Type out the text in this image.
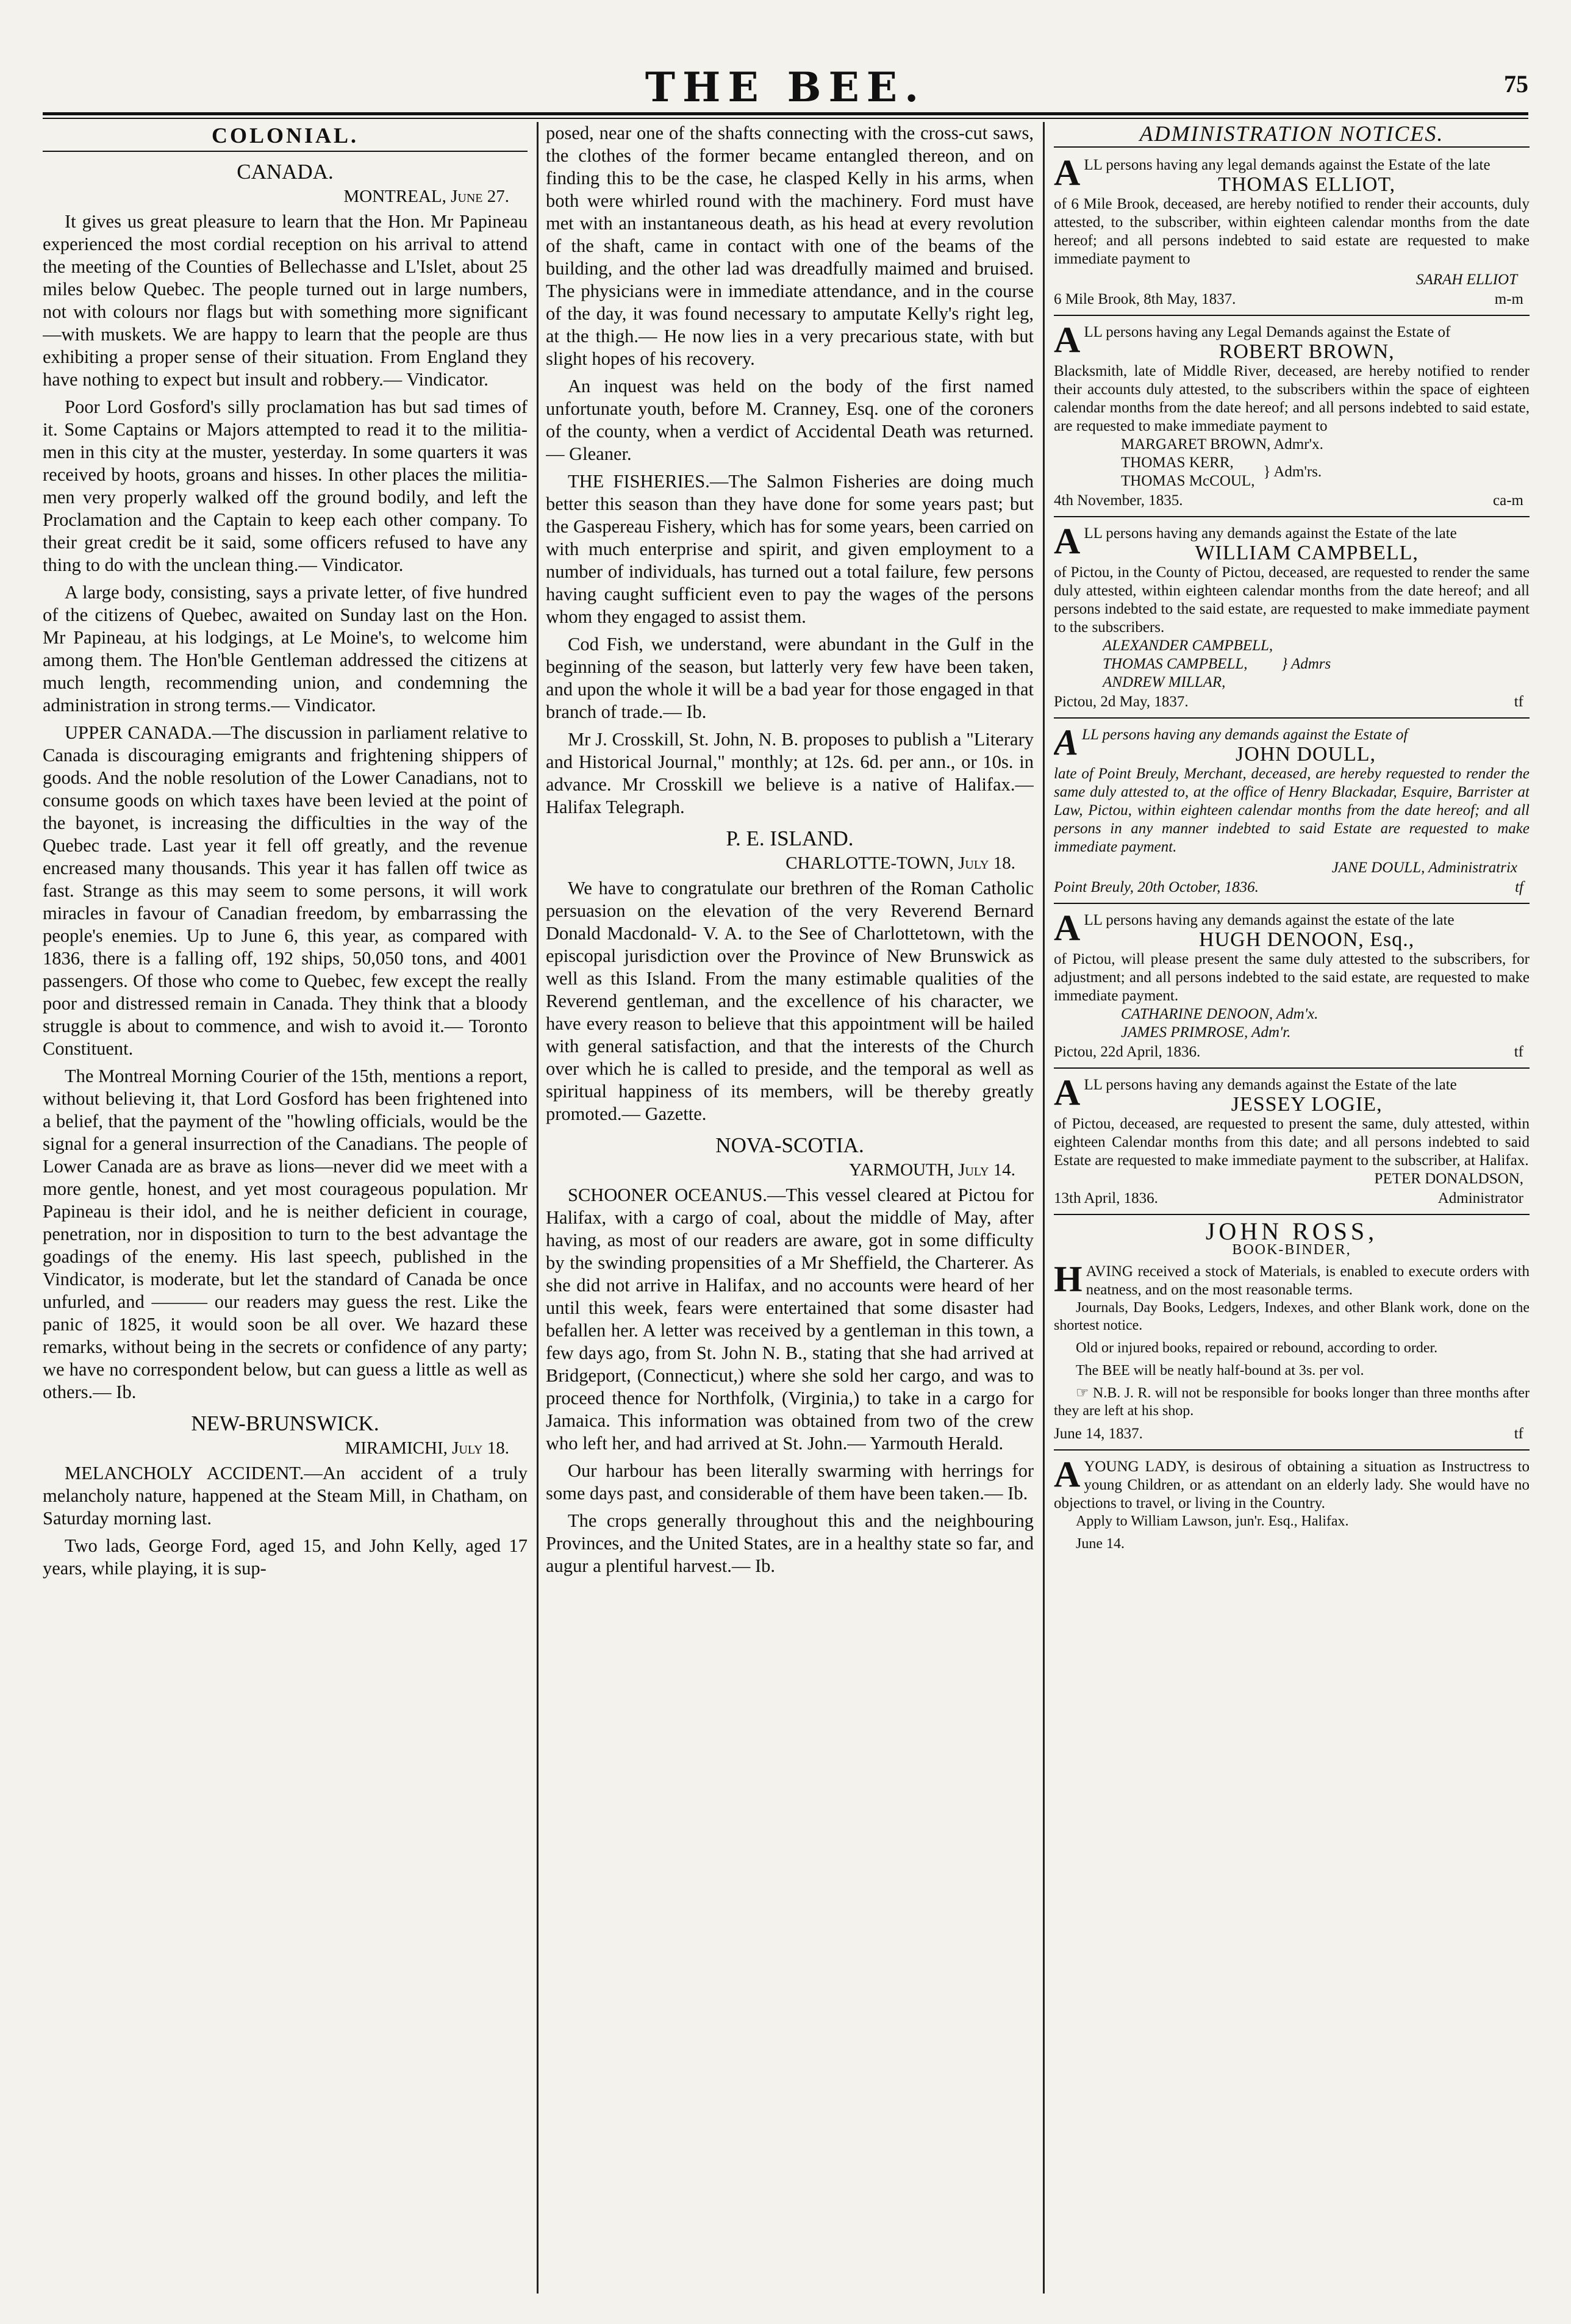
THE BEE.	75
COLONIAL.
CANADA.
MONTREAL, June 27.

It gives us great pleasure to learn that the Hon. Mr Papineau experienced the most cordial reception on his arrival to attend the meeting of the Counties of Bellechasse and L'Islet, about 25 miles below Quebec. The people turned out in large numbers, not with colours nor flags but with something more significant —with muskets. We are happy to learn that the people are thus exhibiting a proper sense of their situation. From England they have nothing to expect but insult and robbery.— Vindicator.

Poor Lord Gosford's silly proclamation has but sad times of it. Some Captains or Majors attempted to read it to the militia-men in this city at the muster, yesterday. In some quarters it was received by hoots, groans and hisses. In other places the militia-men very properly walked off the ground bodily, and left the Proclamation and the Captain to keep each other company. To their great credit be it said, some officers refused to have any thing to do with the unclean thing.— Vindicator.

A large body, consisting, says a private letter, of five hundred of the citizens of Quebec, awaited on Sunday last on the Hon. Mr Papineau, at his lodgings, at Le Moine's, to welcome him among them. The Hon'ble Gentleman addressed the citizens at much length, recommending union, and condemning the administration in strong terms.— Vindicator.

UPPER CANADA.—The discussion in parliament relative to Canada is discouraging emigrants and frightening shippers of goods. And the noble resolution of the Lower Canadians, not to consume goods on which taxes have been levied at the point of the bayonet, is increasing the difficulties in the way of the Quebec trade. Last year it fell off greatly, and the revenue encreased many thousands. This year it has fallen off twice as fast. Strange as this may seem to some persons, it will work miracles in favour of Canadian freedom, by embarrassing the people's enemies. Up to June 6, this year, as compared with 1836, there is a falling off, 192 ships, 50,050 tons, and 4001 passengers. Of those who come to Quebec, few except the really poor and distressed remain in Canada. They think that a bloody struggle is about to commence, and wish to avoid it.— Toronto Constituent.

The Montreal Morning Courier of the 15th, mentions a report, without believing it, that Lord Gosford has been frightened into a belief, that the payment of the "howling officials, would be the signal for a general insurrection of the Canadians. The people of Lower Canada are as brave as lions—never did we meet with a more gentle, honest, and yet most courageous population. Mr Papineau is their idol, and he is neither deficient in courage, penetration, nor in disposition to turn to the best advantage the goadings of the enemy. His last speech, published in the Vindicator, is moderate, but let the standard of Canada be once unfurled, and ——— our readers may guess the rest. Like the panic of 1825, it would soon be all over. We hazard these remarks, without being in the secrets or confidence of any party; we have no correspondent below, but can guess a little as well as others.— Ib.

NEW-BRUNSWICK.
MIRAMICHI, July 18.

MELANCHOLY ACCIDENT.—An accident of a truly melancholy nature, happened at the Steam Mill, in Chatham, on Saturday morning last.

Two lads, George Ford, aged 15, and John Kelly, aged 17 years, while playing, it is sup-

posed, near one of the shafts connecting with the cross-cut saws, the clothes of the former became entangled thereon, and on finding this to be the case, he clasped Kelly in his arms, when both were whirled round with the machinery. Ford must have met with an instantaneous death, as his head at every revolution of the shaft, came in contact with one of the beams of the building, and the other lad was dreadfully maimed and bruised. The physicians were in immediate attendance, and in the course of the day, it was found necessary to amputate Kelly's right leg, at the thigh.— He now lies in a very precarious state, with but slight hopes of his recovery.

An inquest was held on the body of the first named unfortunate youth, before M. Cranney, Esq. one of the coroners of the county, when a verdict of Accidental Death was returned.— Gleaner.

THE FISHERIES.—The Salmon Fisheries are doing much better this season than they have done for some years past; but the Gaspereau Fishery, which has for some years, been carried on with much enterprise and spirit, and given employment to a number of individuals, has turned out a total failure, few persons having caught sufficient even to pay the wages of the persons whom they engaged to assist them.

Cod Fish, we understand, were abundant in the Gulf in the beginning of the season, but latterly very few have been taken, and upon the whole it will be a bad year for those engaged in that branch of trade.— Ib.

Mr J. Crosskill, St. John, N. B. proposes to publish a "Literary and Historical Journal," monthly; at 12s. 6d. per ann., or 10s. in advance. Mr Crosskill we believe is a native of Halifax.— Halifax Telegraph.

P. E. ISLAND.
CHARLOTTE-TOWN, July 18.

We have to congratulate our brethren of the Roman Catholic persuasion on the elevation of the very Reverend Bernard Donald Macdonald- V. A. to the See of Charlottetown, with the episcopal jurisdiction over the Province of New Brunswick as well as this Island. From the many estimable qualities of the Reverend gentleman, and the excellence of his character, we have every reason to believe that this appointment will be hailed with general satisfaction, and that the interests of the Church over which he is called to preside, and the temporal as well as spiritual happiness of its members, will be thereby greatly promoted.— Gazette.

NOVA-SCOTIA.
YARMOUTH, July 14.

SCHOONER OCEANUS.—This vessel cleared at Pictou for Halifax, with a cargo of coal, about the middle of May, after having, as most of our readers are aware, got in some difficulty by the swinding propensities of a Mr Sheffield, the Charterer. As she did not arrive in Halifax, and no accounts were heard of her until this week, fears were entertained that some disaster had befallen her. A letter was received by a gentleman in this town, a few days ago, from St. John N. B., stating that she had arrived at Bridgeport, (Connecticut,) where she sold her cargo, and was to proceed thence for Northfolk, (Virginia,) to take in a cargo for Jamaica. This information was obtained from two of the crew who left her, and had arrived at St. John.— Yarmouth Herald.

Our harbour has been literally swarming with herrings for some days past, and considerable of them have been taken.— Ib.

The crops generally throughout this and the neighbouring Provinces, and the United States, are in a healthy state so far, and augur a plentiful harvest.— Ib.

ADMINISTRATION NOTICES.

ALL persons having any legal demands against the Estate of the late

THOMAS ELLIOT,

of 6 Mile Brook, deceased, are hereby notified to render their accounts, duly attested, to the subscriber, within eighteen calendar months from the date hereof; and all persons indebted to said estate are requested to make immediate payment to

SARAH ELLIOT
6 Mile Brook, 8th May, 1837.	m-m

ALL persons having any Legal Demands against the Estate of

ROBERT BROWN,

Blacksmith, late of Middle River, deceased, are hereby notified to render their accounts duly attested, to the subscribers within the space of eighteen calendar months from the date hereof; and all persons indebted to said estate, are requested to make immediate payment to

MARGARET BROWN, Admr'x.
THOMAS KERR,
THOMAS McCOUL,
} Adm'rs.
4th November, 1835.	ca-m

ALL persons having any demands against the Estate of the late

WILLIAM CAMPBELL,

of Pictou, in the County of Pictou, deceased, are requested to render the same duly attested, within eighteen calendar months from the date hereof; and all persons indebted to the said estate, are requested to make immediate payment to the subscribers.

ALEXANDER CAMPBELL,
THOMAS CAMPBELL,
ANDREW MILLAR,
} Admrs
Pictou, 2d May, 1837.	tf

ALL persons having any demands against the Estate of

JOHN DOULL,

late of Point Breuly, Merchant, deceased, are hereby requested to render the same duly attested to, at the office of Henry Blackadar, Esquire, Barrister at Law, Pictou, within eighteen calendar months from the date hereof; and all persons in any manner indebted to said Estate are requested to make immediate payment.

JANE DOULL, Administratrix
Point Breuly, 20th October, 1836.	tf

ALL persons having any demands against the estate of the late

HUGH DENOON, Esq.,

of Pictou, will please present the same duly attested to the subscribers, for adjustment; and all persons indebted to the said estate, are requested to make immediate payment.

CATHARINE DENOON, Adm'x.
JAMES PRIMROSE, Adm'r.
Pictou, 22d April, 1836.	tf

ALL persons having any demands against the Estate of the late

JESSEY LOGIE,

of Pictou, deceased, are requested to present the same, duly attested, within eighteen Calendar months from this date; and all persons indebted to said Estate are requested to make immediate payment to the subscriber, at Halifax.

PETER DONALDSON,
13th April, 1836.	Administrator
JOHN ROSS,
BOOK-BINDER,

HAVING received a stock of Materials, is enabled to execute orders with neatness, and on the most reasonable terms.

Journals, Day Books, Ledgers, Indexes, and other Blank work, done on the shortest notice.

Old or injured books, repaired or rebound, according to order.

The BEE will be neatly half-bound at 3s. per vol.

☞ N.B. J. R. will not be responsible for books longer than three months after they are left at his shop.

June 14, 1837.	tf

AYOUNG LADY, is desirous of obtaining a situation as Instructress to young Children, or as attendant on an elderly lady. She would have no objections to travel, or living in the Country.

Apply to William Lawson, jun'r. Esq., Halifax.

June 14.
